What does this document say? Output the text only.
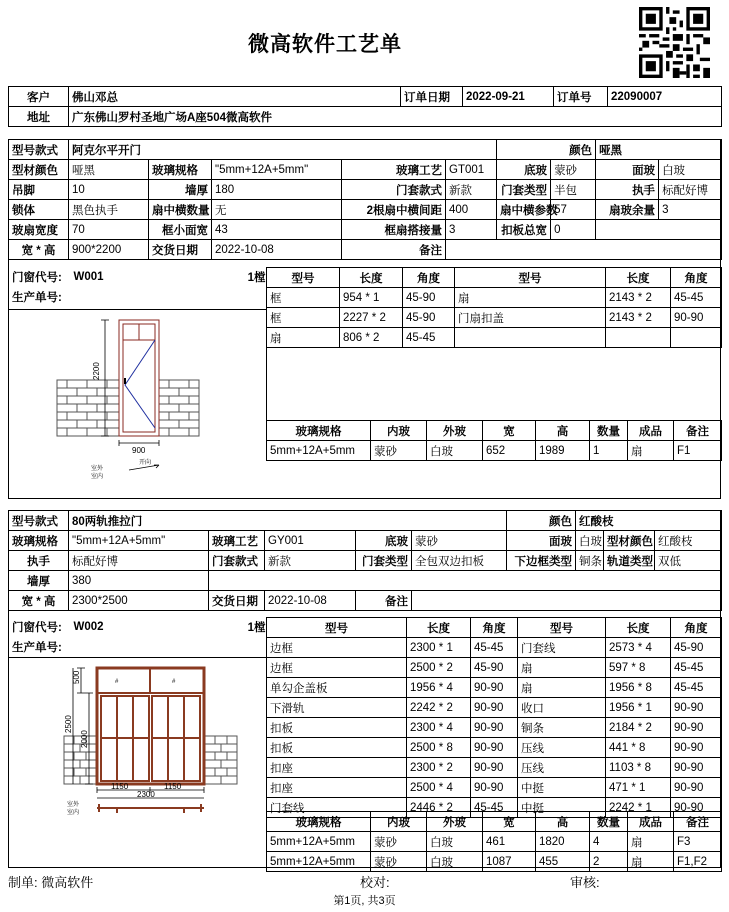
微高软件工艺单
客户	佛山邓总	订单日期	2022-09-21	订单号	22090007
地址	广东佛山罗村圣地广场A座504微高软件				
型号款式	阿克尔平开门					颜色		哑黑	
型材颜色	哑黑	玻璃规格	"5mm+12A+5mm"	玻璃工艺	GT001	底玻	蒙砂	面玻	白玻
吊脚	10	墙厚	180	门套款式	新款	门套类型	半包	执手	标配好博
锁体	黑色执手	扇中横数量	无	2根扇中横间距	400	扇中横参数	57	扇玻余量	3
玻扇宽度	70	框小面宽	43	框扇搭接量	3	扣板总宽	0		
宽 * 高	900*2200	交货日期	2022-10-08	备注					
门窗代号:	W001	1樘
生产单号:
2200
900
开向
室外
室内
型号	长度	角度	型号	长度	角度
框	954 * 1	45-90	扇	2143 * 2	45-45
框	2227 * 2	45-90	门扇扣盖	2143 * 2	90-90
扇	806 * 2	45-45			
玻璃规格	内玻	外玻	宽	高	数量	成品	备注
5mm+12A+5mm	蒙砂	白玻	652	1989	1	扇	F1
型号款式	80两轨推拉门					颜色	红酸枝		
玻璃规格	"5mm+12A+5mm"	玻璃工艺	GY001	底玻	蒙砂	面玻	白玻	型材颜色	红酸枝
执手	标配好博	门套款式	新款	门套类型	全包双边扣板	下边框类型	铜条	轨道类型	双低
墙厚	380								
宽 * 高	2300*2500	交货日期	2022-10-08	备注					
门窗代号:	W002	1樘
生产单号:
500
2000
2500
1150	1150
2300
室外
室内
#	#
型号	长度	角度	型号	长度	角度
边框	2300 * 1	45-45	门套线	2573 * 4	45-90
边框	2500 * 2	45-90	扇	597 * 8	45-45
单勾企盖板	1956 * 4	90-90	扇	1956 * 8	45-45
下滑轨	2242 * 2	90-90	收口	1956 * 1	90-90
扣板	2300 * 4	90-90	铜条	2184 * 2	90-90
扣板	2500 * 8	90-90	压线	441 * 8	90-90
扣座	2300 * 2	90-90	压线	1103 * 8	90-90
扣座	2500 * 4	90-90	中挺	471 * 1	90-90
门套线	2446 * 2	45-45	中挺	2242 * 1	90-90
玻璃规格	内玻	外玻	宽	高	数量	成品	备注
5mm+12A+5mm	蒙砂	白玻	461	1820	4	扇	F3
5mm+12A+5mm	蒙砂	白玻	1087	455	2	扇	F1,F2
制单: 微高软件	校对:	审核:
第1页, 共3页
